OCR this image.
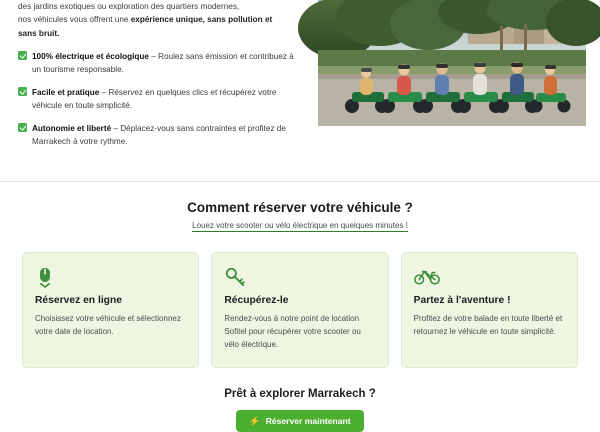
des jardins exotiques ou exploration des quartiers modernes,
nos véhicules vous offrent une expérience unique, sans pollution et
sans bruit.

100% électrique et écologique – Roulez sans émission et contribuez à un tourisme responsable.
Facile et pratique – Réservez en quelques clics et récupérez votre véhicule en toute simplicité.
Autonomie et liberté – Déplacez-vous sans contraintes et profitez de Marrakech à votre rythme.
Comment réserver votre véhicule ?

Louez votre scooter ou vélo électrique en quelques minutes !

Réservez en ligne

Choisissez votre véhicule et sélectionnez votre date de location.

Récupérez-le

Rendez-vous à notre point de location Sofitel pour récupérer votre scooter ou vélo électrique.

Partez à l'aventure !

Profitez de votre balade en toute liberté et retournez le véhicule en toute simplicité.

Prêt à explorer Marrakech ?
⚡ Réserver maintenant
